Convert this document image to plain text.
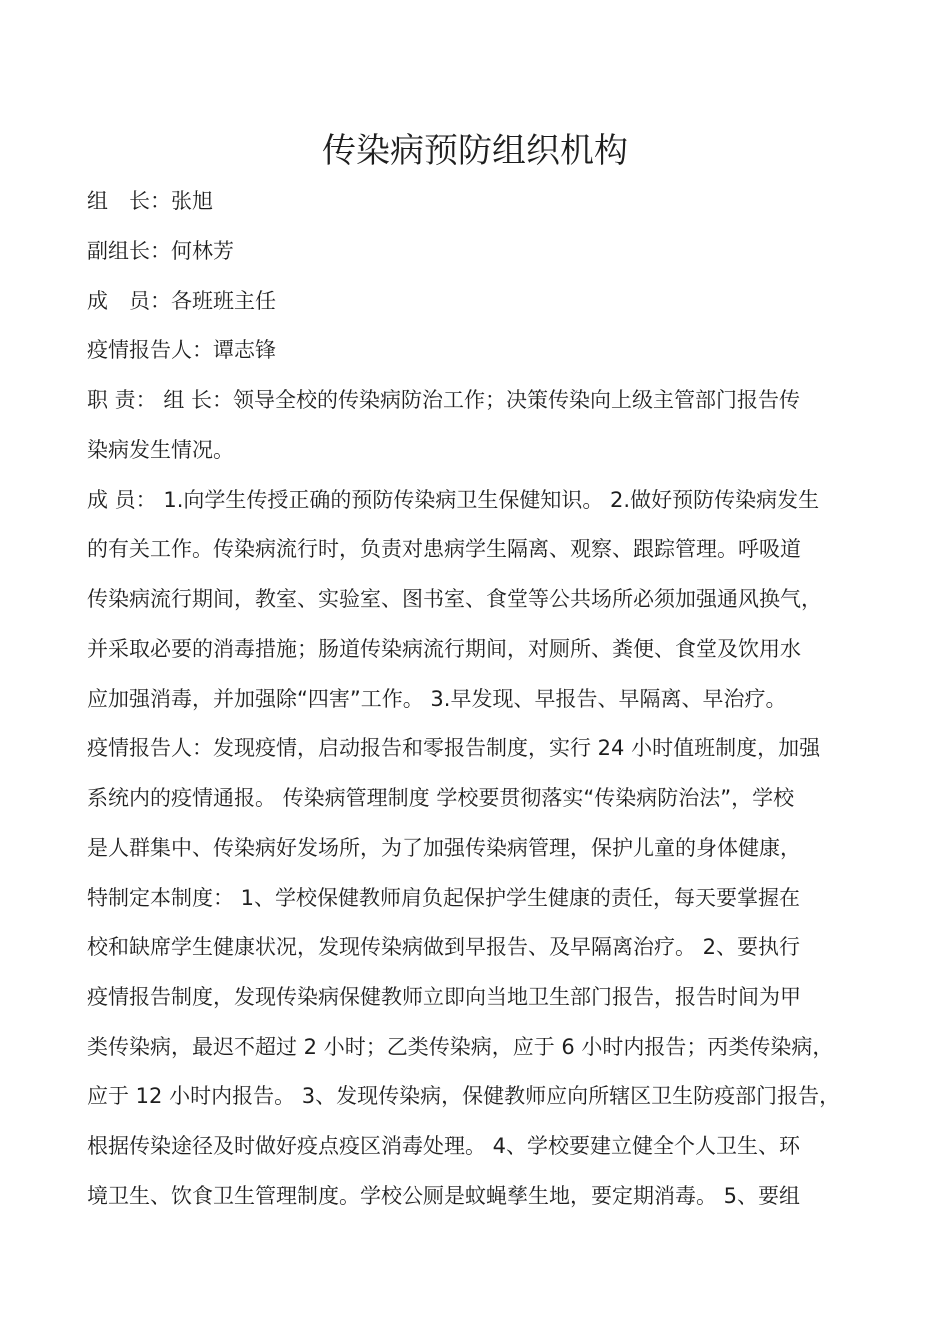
传染病预防组织机构
组　长：张旭
副组长：何林芳
成　员：各班班主任
疫情报告人：谭志锋
职 责： 组 长：领导全校的传染病防治工作；决策传染向上级主管部门报告传
染病发生情况。
成 员： 1.向学生传授正确的预防传染病卫生保健知识。 2.做好预防传染病发生
的有关工作。传染病流行时，负责对患病学生隔离、观察、跟踪管理。呼吸道
传染病流行期间，教室、实验室、图书室、食堂等公共场所必须加强通风换气，
并采取必要的消毒措施；肠道传染病流行期间，对厕所、粪便、食堂及饮用水
应加强消毒，并加强除“四害”工作。 3.早发现、早报告、早隔离、早治疗。
疫情报告人：发现疫情，启动报告和零报告制度，实行 24 小时值班制度，加强
系统内的疫情通报。 传染病管理制度 学校要贯彻落实“传染病防治法”，学校
是人群集中、传染病好发场所，为了加强传染病管理，保护儿童的身体健康，
特制定本制度： 1、学校保健教师肩负起保护学生健康的责任，每天要掌握在
校和缺席学生健康状况，发现传染病做到早报告、及早隔离治疗。 2、要执行
疫情报告制度，发现传染病保健教师立即向当地卫生部门报告，报告时间为甲
类传染病，最迟不超过 2 小时；乙类传染病，应于 6 小时内报告；丙类传染病，
应于 12 小时内报告。 3、发现传染病，保健教师应向所辖区卫生防疫部门报告，
根据传染途径及时做好疫点疫区消毒处理。 4、学校要建立健全个人卫生、环
境卫生、饮食卫生管理制度。学校公厕是蚊蝇孳生地，要定期消毒。 5、要组
